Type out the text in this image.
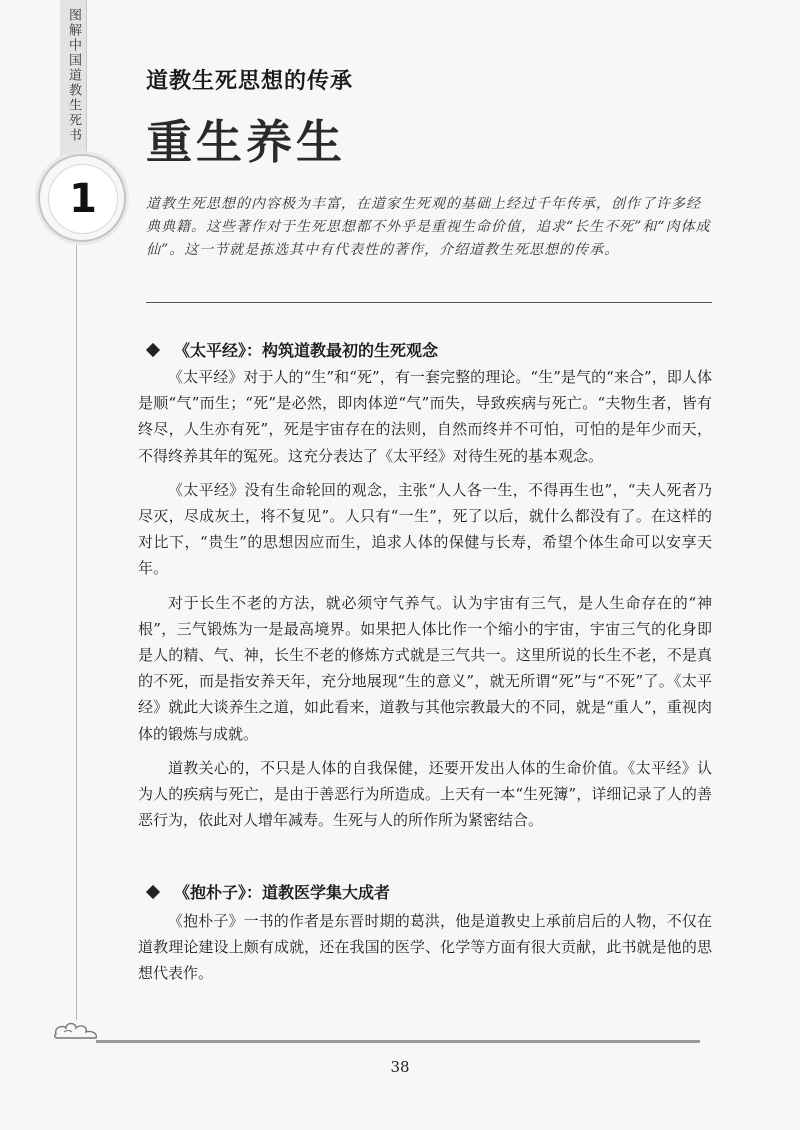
图解中国道教生死书
1
道教生死思想的传承
重生养生
道教生死思想的内容极为丰富，在道家生死观的基础上经过千年传承，创作了许多经典典籍。这些著作对于生死思想都不外乎是重视生命价值，追求“长生不死”和“肉体成仙”。这一节就是拣选其中有代表性的著作，介绍道教生死思想的传承。
《太平经》：构筑道教最初的生死观念

《太平经》对于人的“生”和“死”，有一套完整的理论。“生”是气的“来合”，即人体是顺“气”而生；“死”是必然，即肉体逆“气”而失，导致疾病与死亡。“夫物生者，皆有终尽，人生亦有死”，死是宇宙存在的法则，自然而终并不可怕，可怕的是年少而天，不得终养其年的冤死。这充分表达了《太平经》对待生死的基本观念。

《太平经》没有生命轮回的观念，主张“人人各一生，不得再生也”，“夫人死者乃尽灭，尽成灰土，将不复见”。人只有“一生”，死了以后，就什么都没有了。在这样的对比下，“贵生”的思想因应而生，追求人体的保健与长寿，希望个体生命可以安享天年。

对于长生不老的方法，就必须守气养气。认为宇宙有三气，是人生命存在的“神根”，三气锻炼为一是最高境界。如果把人体比作一个缩小的宇宙，宇宙三气的化身即是人的精、气、神，长生不老的修炼方式就是三气共一。这里所说的长生不老，不是真的不死，而是指安养天年，充分地展现“生的意义”，就无所谓“死”与“不死”了。《太平经》就此大谈养生之道，如此看来，道教与其他宗教最大的不同，就是“重人”，重视肉体的锻炼与成就。

道教关心的，不只是人体的自我保健，还要开发出人体的生命价值。《太平经》认为人的疾病与死亡，是由于善恶行为所造成。上天有一本“生死簿”，详细记录了人的善恶行为，依此对人增年减寿。生死与人的所作所为紧密结合。

《抱朴子》：道教医学集大成者

《抱朴子》一书的作者是东晋时期的葛洪，他是道教史上承前启后的人物，不仅在道教理论建设上颇有成就，还在我国的医学、化学等方面有很大贡献，此书就是他的思想代表作。

38
